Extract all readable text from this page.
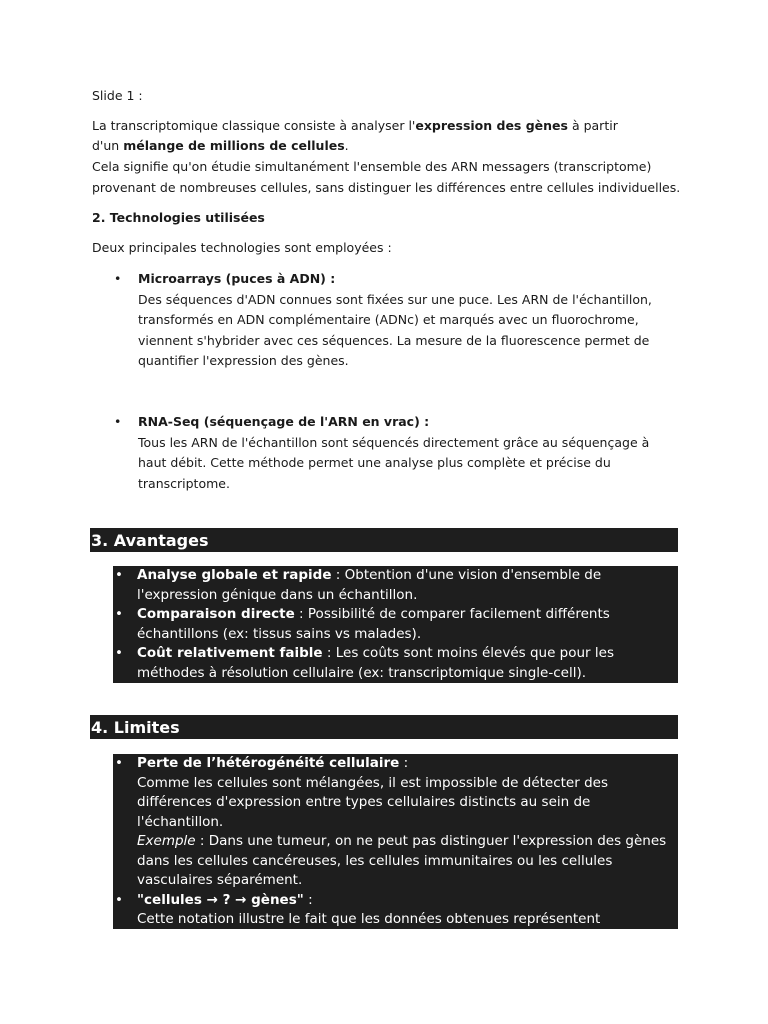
Slide 1 :

La transcriptomique classique consiste à analyser l'expression des gènes à partir

d'un mélange de millions de cellules.

Cela signifie qu'on étudie simultanément l'ensemble des ARN messagers (transcriptome)

provenant de nombreuses cellules, sans distinguer les différences entre cellules individuelles.

2. Technologies utilisées

Deux principales technologies sont employées :

•	Microarrays (puces à ADN) :
Des séquences d'ADN connues sont fixées sur une puce. Les ARN de l'échantillon,
transformés en ADN complémentaire (ADNc) et marqués avec un fluorochrome,
viennent s'hybrider avec ces séquences. La mesure de la fluorescence permet de
quantifier l'expression des gènes.
•	RNA-Seq (séquençage de l'ARN en vrac) :
Tous les ARN de l'échantillon sont séquencés directement grâce au séquençage à
haut débit. Cette méthode permet une analyse plus complète et précise du
transcriptome.
3. Avantages
• Analyse globale et rapide : Obtention d'une vision d'ensemble de
l'expression génique dans un échantillon.
• Comparaison directe : Possibilité de comparer facilement différents
échantillons (ex: tissus sains vs malades).
• Coût relativement faible : Les coûts sont moins élevés que pour les
méthodes à résolution cellulaire (ex: transcriptomique single-cell).
4. Limites
• Perte de l’hétérogénéité cellulaire :
Comme les cellules sont mélangées, il est impossible de détecter des
différences d'expression entre types cellulaires distincts au sein de
l'échantillon.
Exemple : Dans une tumeur, on ne peut pas distinguer l'expression des gènes
dans les cellules cancéreuses, les cellules immunitaires ou les cellules
vasculaires séparément.
• "cellules → ? → gènes" :
Cette notation illustre le fait que les données obtenues représentent
